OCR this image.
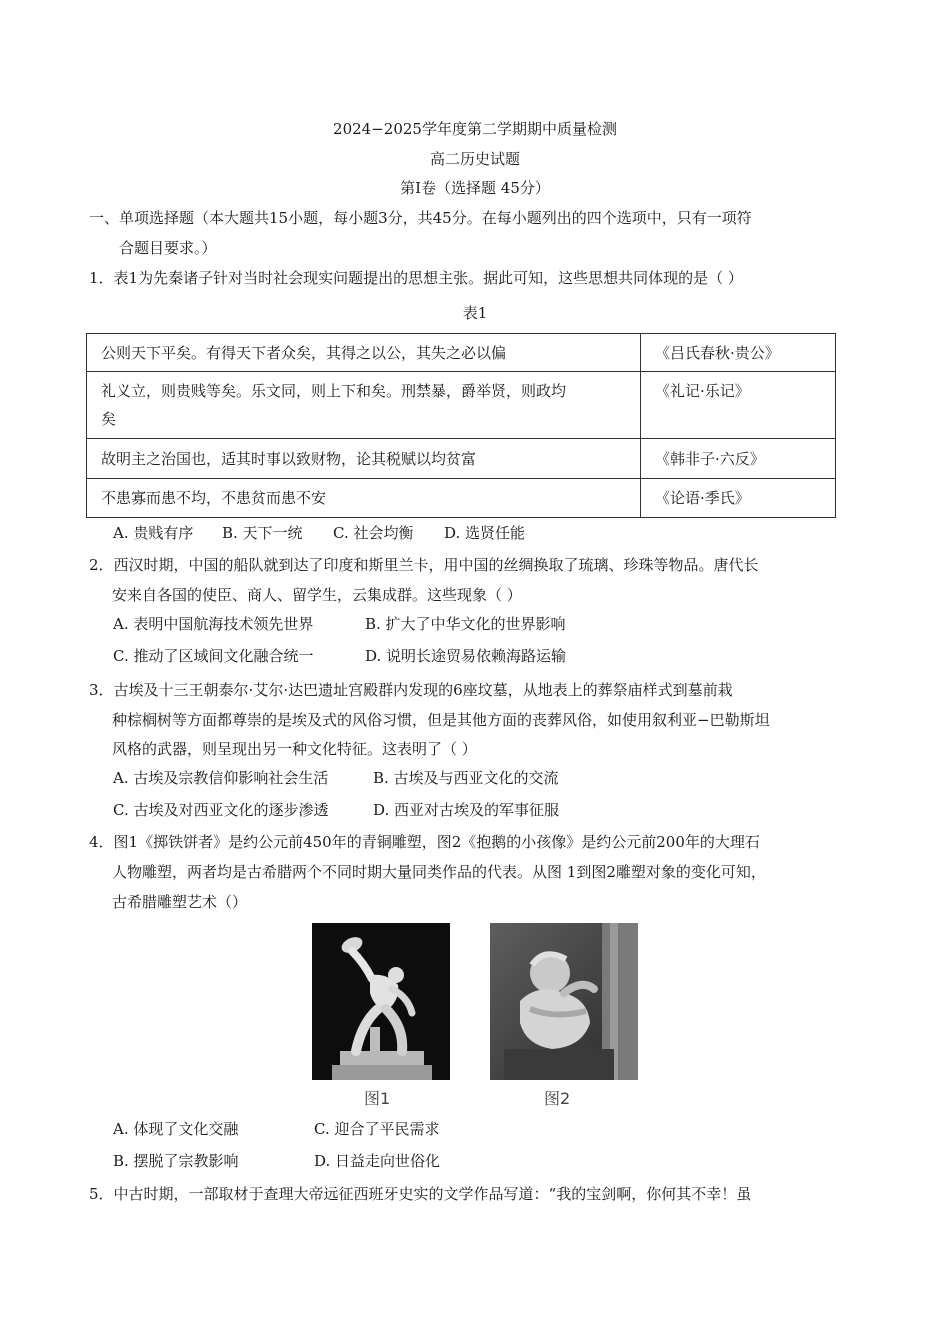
2024−2025学年度第二学期期中质量检测
高二历史试题
第Ⅰ卷（选择题 45分）
一、单项选择题（本大题共15小题，每小题3分，共45分。在每小题列出的四个选项中，只有一项符
合题目要求。）
1．表1为先秦诸子针对当时社会现实问题提出的思想主张。据此可知，这些思想共同体现的是（ ）
表1
公则天下平矣。有得天下者众矣，其得之以公，其失之必以偏	《吕氏春秋·贵公》

礼义立，则贵贱等矣。乐文同，则上下和矣。刑禁暴，爵举贤，则政均
矣	《礼记·乐记》
故明主之治国也，适其时事以致财物，论其税赋以均贫富	《韩非子·六反》
不患寡而患不均，不患贫而患不安	《论语·季氏》
A. 贵贱有序 B. 天下一统 C. 社会均衡 D. 选贤任能
2．西汉时期，中国的船队就到达了印度和斯里兰卡，用中国的丝绸换取了琉璃、珍珠等物品。唐代长
安来自各国的使臣、商人、留学生，云集成群。这些现象（ ）
A. 表明中国航海技术领先世界	B. 扩大了中华文化的世界影响
C. 推动了区域间文化融合统一	D. 说明长途贸易依赖海路运输
3．古埃及十三王朝泰尔·艾尔·达巴遗址宫殿群内发现的6座坟墓，从地表上的葬祭庙样式到墓前栽
种棕榈树等方面都尊崇的是埃及式的风俗习惯，但是其他方面的丧葬风俗，如使用叙利亚−巴勒斯坦
风格的武器，则呈现出另一种文化特征。这表明了（ ）
A. 古埃及宗教信仰影响社会生活	B. 古埃及与西亚文化的交流
C. 古埃及对西亚文化的逐步渗透	D. 西亚对古埃及的军事征服
4．图1《掷铁饼者》是约公元前450年的青铜雕塑，图2《抱鹅的小孩像》是约公元前200年的大理石
人物雕塑，两者均是古希腊两个不同时期大量同类作品的代表。从图 1到图2雕塑对象的变化可知，
古希腊雕塑艺术（）
图1	图2
A. 体现了文化交融	C. 迎合了平民需求
B. 摆脱了宗教影响	D. 日益走向世俗化
5．中古时期，一部取材于查理大帝远征西班牙史实的文学作品写道：“我的宝剑啊，你何其不幸！虽
